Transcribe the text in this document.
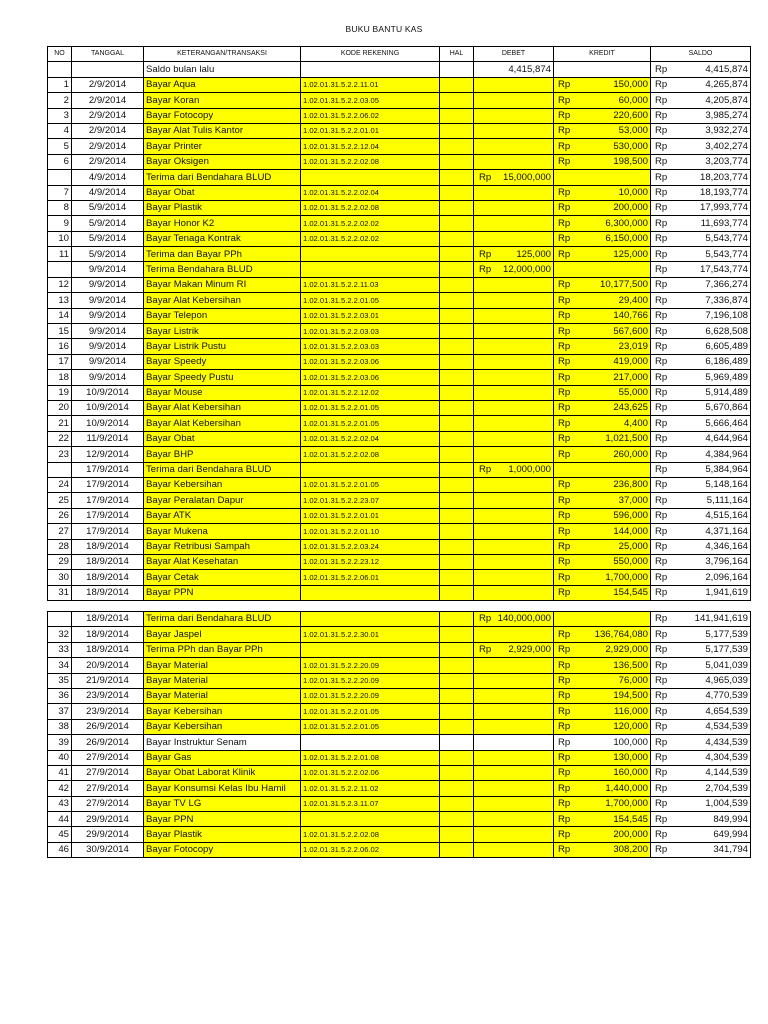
BUKU BANTU KAS
NO	TANGGAL	KETERANGAN/TRANSAKSI	KODE REKENING	HAL	DEBET	KREDIT	SALDO
		Saldo bulan lalu			4,415,874		Rp 4,415,874

1	2/9/2014	Bayar Aqua	1.02.01.31.5.2.2.11.01			Rp 150,000	Rp 4,265,874

2	2/9/2014	Bayar Koran	1.02.01.31.5.2.2.03.05			Rp 60,000	Rp 4,205,874

3	2/9/2014	Bayar Fotocopy	1.02.01.31.5.2.2.06.02			Rp 220,600	Rp 3,985,274

4	2/9/2014	Bayar Alat Tulis Kantor	1.02.01.31.5.2.2.01.01			Rp 53,000	Rp 3,932,274

5	2/9/2014	Bayar Printer	1.02.01.31.5.2.2.12.04			Rp 530,000	Rp 3,402,274

6	2/9/2014	Bayar Oksigen	1.02.01.31.5.2.2.02.08			Rp 198,500	Rp 3,203,774

	4/9/2014	Terima dari Bendahara BLUD			Rp 15,000,000		Rp 18,203,774

7	4/9/2014	Bayar Obat	1.02.01.31.5.2.2.02.04			Rp 10,000	Rp 18,193,774

8	5/9/2014	Bayar Plastik	1.02.01.31.5.2.2.02.08			Rp 200,000	Rp 17,993,774

9	5/9/2014	Bayar Honor K2	1.02.01.31.5.2.2.02.02			Rp 6,300,000	Rp 11,693,774

10	5/9/2014	Bayar Tenaga Kontrak	1.02.01.31.5.2.2.02.02			Rp 6,150,000	Rp 5,543,774

11	5/9/2014	Terima dan Bayar PPh			Rp 125,000	Rp 125,000	Rp 5,543,774

	9/9/2014	Terima Bendahara BLUD			Rp 12,000,000		Rp 17,543,774

12	9/9/2014	Bayar Makan Minum RI	1.02.01.31.5.2.2.11.03			Rp 10,177,500	Rp 7,366,274

13	9/9/2014	Bayar Alat Kebersihan	1.02.01.31.5.2.2.01.05			Rp 29,400	Rp 7,336,874

14	9/9/2014	Bayar Telepon	1.02.01.31.5.2.2.03.01			Rp 140,766	Rp 7,196,108

15	9/9/2014	Bayar Listrik	1.02.01.31.5.2.2.03.03			Rp 567,600	Rp 6,628,508

16	9/9/2014	Bayar Listrik Pustu	1.02.01.31.5.2.2.03.03			Rp 23,019	Rp 6,605,489

17	9/9/2014	Bayar Speedy	1.02.01.31.5.2.2.03.06			Rp 419,000	Rp 6,186,489

18	9/9/2014	Bayar Speedy Pustu	1.02.01.31.5.2.2.03.06			Rp 217,000	Rp 5,969,489

19	10/9/2014	Bayar Mouse	1.02.01.31.5.2.2.12.02			Rp 55,000	Rp 5,914,489

20	10/9/2014	Bayar Alat Kebersihan	1.02.01.31.5.2.2.01.05			Rp 243,625	Rp 5,670,864

21	10/9/2014	Bayar Alat Kebersihan	1.02.01.31.5.2.2.01.05			Rp 4,400	Rp 5,666,464

22	11/9/2014	Bayar Obat	1.02.01.31.5.2.2.02.04			Rp 1,021,500	Rp 4,644,964

23	12/9/2014	Bayar BHP	1.02.01.31.5.2.2.02.08			Rp 260,000	Rp 4,384,964

	17/9/2014	Terima dari Bendahara BLUD			Rp 1,000,000		Rp 5,384,964

24	17/9/2014	Bayar Kebersihan	1.02.01.31.5.2.2.01.05			Rp 236,800	Rp 5,148,164

25	17/9/2014	Bayar Peralatan Dapur	1.02.01.31.5.2.2.23.07			Rp 37,000	Rp 5,111,164

26	17/9/2014	Bayar ATK	1.02.01.31.5.2.2.01.01			Rp 596,000	Rp 4,515,164

27	17/9/2014	Bayar Mukena	1.02.01.31.5.2.2.01.10			Rp 144,000	Rp 4,371,164

28	18/9/2014	Bayar Retribusi Sampah	1.02.01.31.5.2.2.03.24			Rp 25,000	Rp 4,346,164

29	18/9/2014	Bayar Alat Kesehatan	1.02.01.31.5.2.2.23.12			Rp 550,000	Rp 3,796,164

30	18/9/2014	Bayar Cetak	1.02.01.31.5.2.2.06.01			Rp 1,700,000	Rp 2,096,164

31	18/9/2014	Bayar PPN				Rp 154,545	Rp 1,941,619
	18/9/2014	Terima dari Bendahara BLUD			Rp 140,000,000		Rp 141,941,619

32	18/9/2014	Bayar Jaspel	1.02.01.31.5.2.2.30.01			Rp 136,764,080	Rp 5,177,539

33	18/9/2014	Terima PPh dan Bayar PPh			Rp 2,929,000	Rp 2,929,000	Rp 5,177,539

34	20/9/2014	Bayar Material	1.02.01.31.5.2.2.20.09			Rp 136,500	Rp 5,041,039

35	21/9/2014	Bayar Material	1.02.01.31.5.2.2.20.09			Rp 76,000	Rp 4,965,039

36	23/9/2014	Bayar Material	1.02.01.31.5.2.2.20.09			Rp 194,500	Rp 4,770,539

37	23/9/2014	Bayar Kebersihan	1.02.01.31.5.2.2.01.05			Rp 116,000	Rp 4,654,539

38	26/9/2014	Bayar Kebersihan	1.02.01.31.5.2.2.01.05			Rp 120,000	Rp 4,534,539

39	26/9/2014	Bayar Instruktur Senam				Rp 100,000	Rp 4,434,539

40	27/9/2014	Bayar Gas	1.02.01.31.5.2.2.01.08			Rp 130,000	Rp 4,304,539

41	27/9/2014	Bayar Obat Laborat Klinik	1.02.01.31.5.2.2.02.06			Rp 160,000	Rp 4,144,539

42	27/9/2014	Bayar Konsumsi Kelas Ibu Hamil	1.02.01.31.5.2.2.11.02			Rp 1,440,000	Rp 2,704,539

43	27/9/2014	Bayar TV LG	1.02.01.31.5.2.3.11.07			Rp 1,700,000	Rp 1,004,539

44	29/9/2014	Bayar PPN				Rp 154,545	Rp 849,994

45	29/9/2014	Bayar Plastik	1.02.01.31.5.2.2.02.08			Rp 200,000	Rp 649,994

46	30/9/2014	Bayar Fotocopy	1.02.01.31.5.2.2.06.02			Rp 308,200	Rp 341,794
